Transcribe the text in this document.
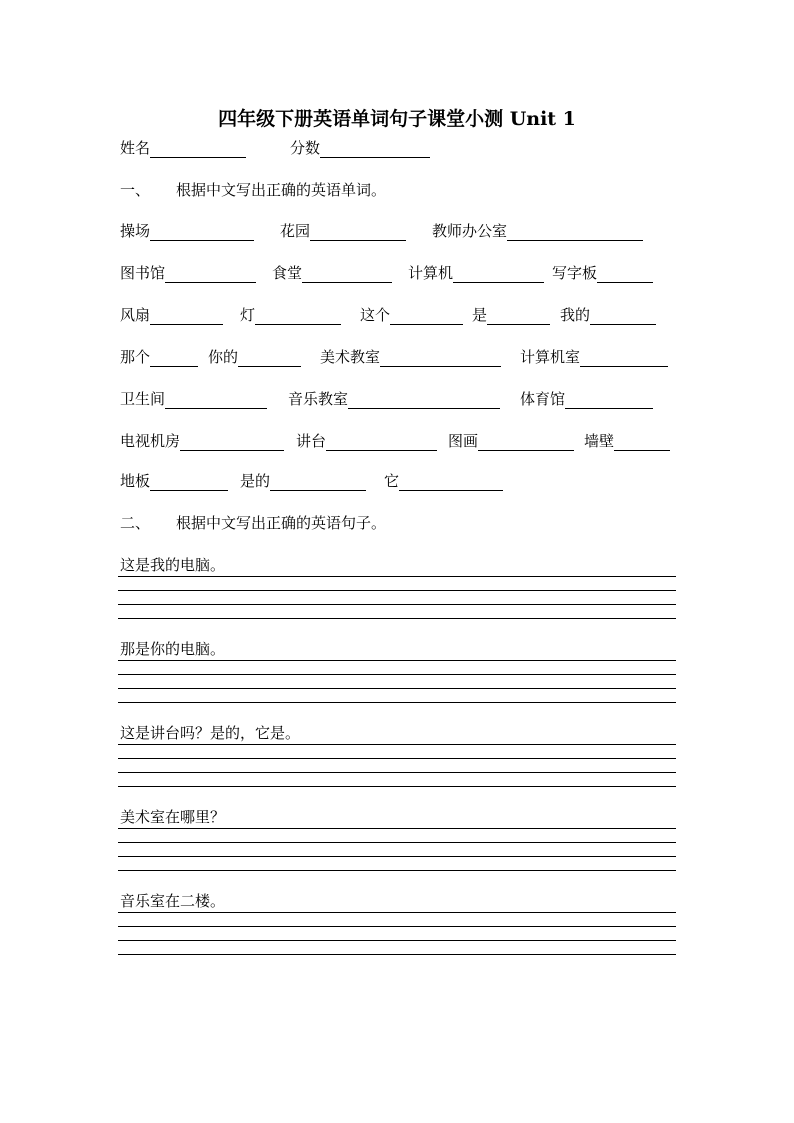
四年级下册英语单词句子课堂小测 Unit 1
姓名	分数
一、 根据中文写出正确的英语单词。
操场	花园	教师办公室
图书馆	食堂	计算机	写字板
风扇	灯	这个	是	我的
那个	你的	美术教室	计算机室
卫生间	音乐教室	体育馆
电视机房	讲台	图画	墙壁
地板	是的	它
二、 根据中文写出正确的英语句子。
这是我的电脑。
那是你的电脑。
这是讲台吗？是的，它是。
美术室在哪里？
音乐室在二楼。
